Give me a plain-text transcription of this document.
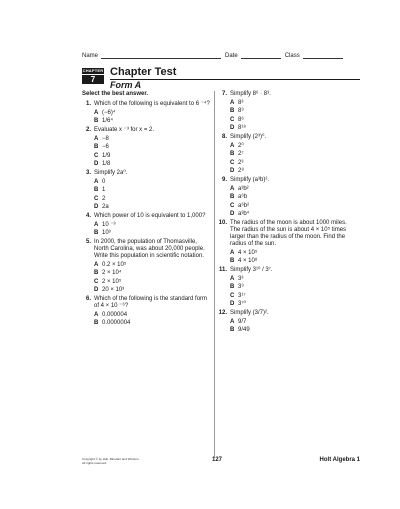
Name	Date	Class
CHAPTER
7
Chapter Test
Form A
Select the best answer.
1. Which of the following is equivalent to 6 ⁻⁴?
A (−6)⁴
B 1/6⁴
2. Evaluate x ⁻³ for x = 2.
A −8
B −6
C 1/9
D 1/8
3. Simplify 2a⁰.
A 0
B 1
C 2
D 2a
4. Which power of 10 is equivalent to 1,000?
A 10 ⁻³
B 10³
5. In 2000, the population of Thomasville, North Carolina, was about 20,000 people. Write this population in scientific notation.
A 0.2 × 10⁵
B 2 × 10⁴
C 2 × 10⁵
D 20 × 10³
6. Which of the following is the standard form of 4 × 10 ⁻⁶?
A 0.000004
B 0.0000004
7. Simplify 8⁶ · 8³.
A 8³
B 8⁹
C 8⁶
D 8¹⁸
8. Simplify (2³)⁰.
A 2⁰
B 2⁷
C 2³
D 2⁸
9. Simplify (a³b)².
A a³b²
B a⁶b
C a⁶b²
D a³b⁴
10. The radius of the moon is about 1000 miles. The radius of the sun is about 4 × 10⁵ times larger than the radius of the moon. Find the radius of the sun.
A 4 × 10⁵
B 4 × 10⁸
11. Simplify 3¹⁰ / 3⁷.
A 3³
B 3⁹
C 3¹⁷
D 3⁷⁰
12. Simplify (3/7)².
A 9/7
B 9/49
Copyright © by Holt, Rinehart and Winston. All rights reserved.	127	Holt Algebra 1
